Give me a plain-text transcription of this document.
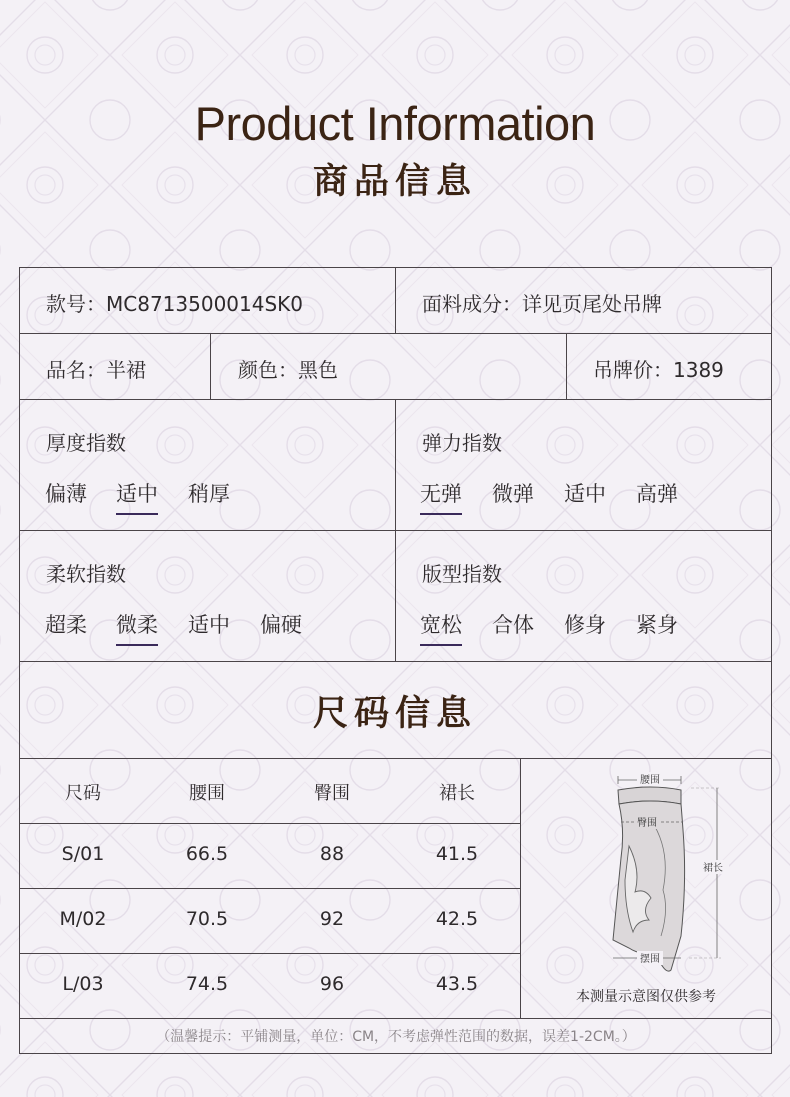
Product Information
商品信息
款号：MC8713500014SK0	面料成分：详见页尾处吊牌
品名：半裙	颜色：黑色	吊牌价：1389
厚度指数
偏薄 适中 稍厚
弹力指数
无弹 微弹 适中 高弹
柔软指数
超柔 微柔 适中 偏硬
版型指数
宽松 合体 修身 紧身
尺码信息
尺码	腰围	臀围	裙长
S/01	66.5	88	41.5
M/02	70.5	92	42.5
L/03	74.5	96	43.5
腰围
臀围
裙长
摆围
本测量示意图仅供参考
（温馨提示：平铺测量，单位：CM，不考虑弹性范围的数据，误差1-2CM。）
